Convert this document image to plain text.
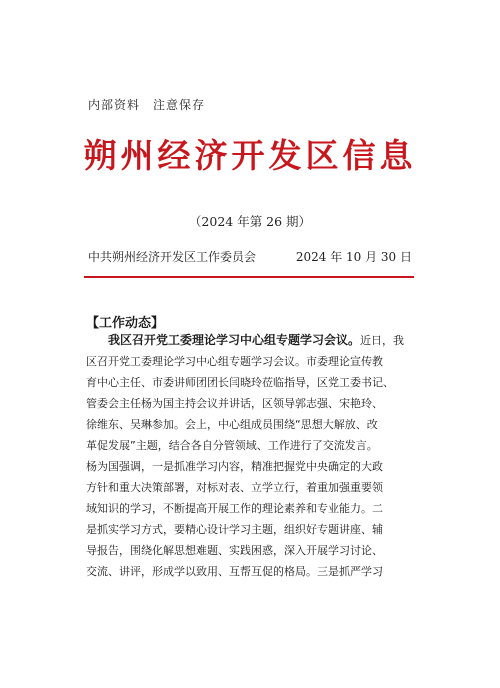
内部资料　注意保存
朔州经济开发区信息
（2024 年第 26 期）
中共朔州经济开发区工作委员会	2024 年 10 月 30 日
【工作动态】
我区召开党工委理论学习中心组专题学习会议。近日，我
区召开党工委理论学习中心组专题学习会议。市委理论宣传教
育中心主任、市委讲师团团长闫晓玲莅临指导，区党工委书记、
管委会主任杨为国主持会议并讲话，区领导郭志强、宋艳玲、
徐维东、吴琳参加。会上，中心组成员围绕“思想大解放、改
革促发展”主题，结合各自分管领域、工作进行了交流发言。
杨为国强调，一是抓准学习内容，精准把握党中央确定的大政
方针和重大决策部署，对标对表、立学立行，着重加强重要领
域知识的学习，不断提高开展工作的理论素养和专业能力。二
是抓实学习方式，要精心设计学习主题，组织好专题讲座、辅
导报告，围绕化解思想难题、实践困惑，深入开展学习讨论、
交流、讲评，形成学以致用、互帮互促的格局。三是抓严学习
